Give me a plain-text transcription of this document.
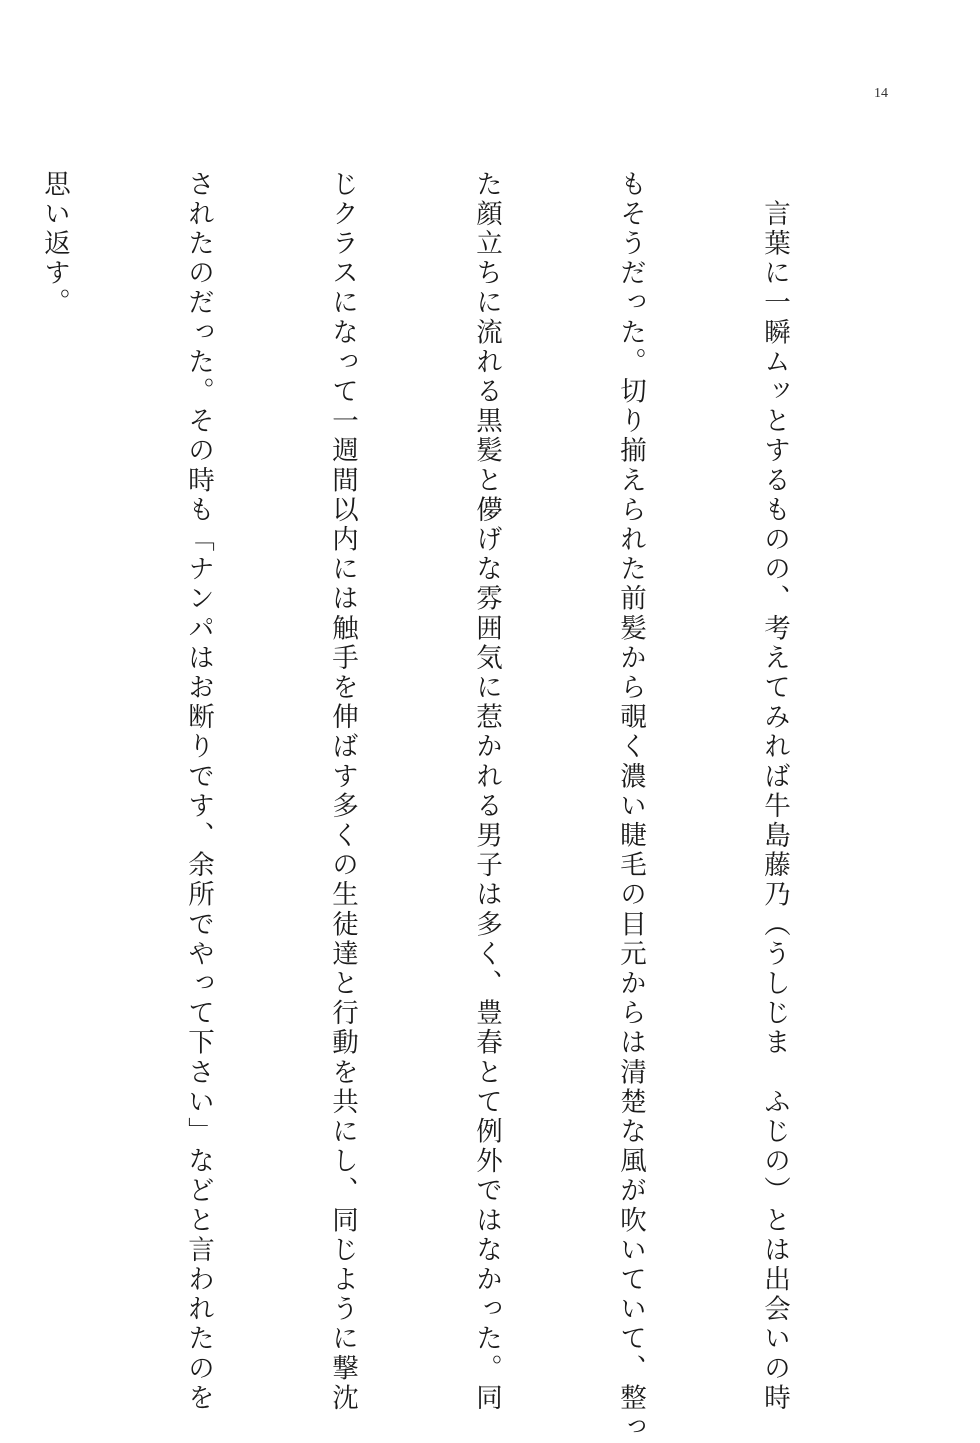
14

　言葉に一瞬ムッとするものの、考えてみれば牛島藤乃（うしじま　ふじの）とは出会いの時

もそうだった。切り揃えられた前髪から覗く濃い睫毛の目元からは清楚な風が吹いていて、整っ

た顔立ちに流れる黒髪と儚げな雰囲気に惹かれる男子は多く、豊春とて例外ではなかった。同

じクラスになって一週間以内には触手を伸ばす多くの生徒達と行動を共にし、同じように撃沈

されたのだった。その時も「ナンパはお断りです、余所でやって下さい」などと言われたのを

思い返す。
